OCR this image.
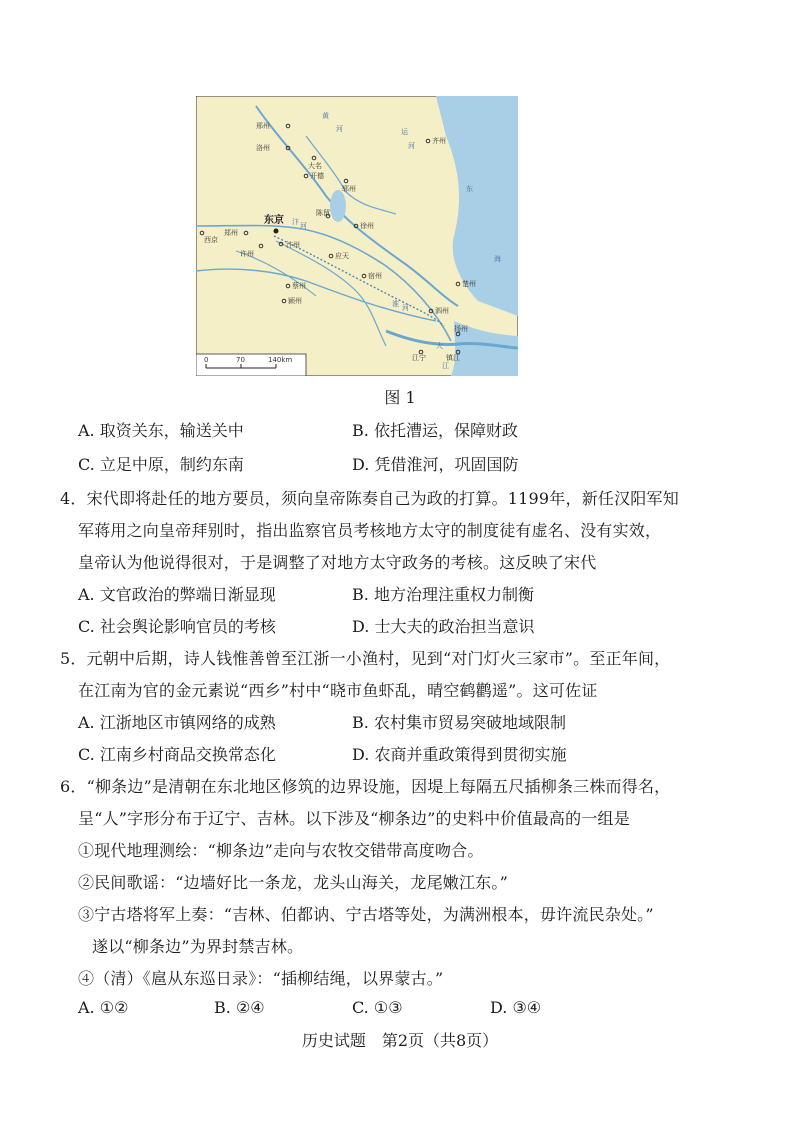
邢州
洛州
大名
开德
郓州
齐州
东京
陈留
汴州
应天
宿州
泗州
楚州
扬州
江宁	镇江
蔡州
颍州
许州
郑州
西京
徐州
黄
河	运
河
汴 河
淮 河
大
江
东
海
0	70	140km
图 1
A. 取资关东，输送关中	B. 依托漕运，保障财政
C. 立足中原，制约东南	D. 凭借淮河，巩固国防
4．宋代即将赴任的地方要员，须向皇帝陈奏自己为政的打算。1199年，新任汉阳军知
军蒋用之向皇帝拜别时，指出监察官员考核地方太守的制度徒有虚名、没有实效，
皇帝认为他说得很对，于是调整了对地方太守政务的考核。这反映了宋代
A. 文官政治的弊端日渐显现	B. 地方治理注重权力制衡
C. 社会舆论影响官员的考核	D. 士大夫的政治担当意识
5．元朝中后期，诗人钱惟善曾至江浙一小渔村，见到“对门灯火三家市”。至正年间，
在江南为官的金元素说“西乡”村中“晓市鱼虾乱，晴空鹤鹳遥”。这可佐证
A. 江浙地区市镇网络的成熟	B. 农村集市贸易突破地域限制
C. 江南乡村商品交换常态化	D. 农商并重政策得到贯彻实施
6．“柳条边”是清朝在东北地区修筑的边界设施，因堤上每隔五尺插柳条三株而得名，
呈“人”字形分布于辽宁、吉林。以下涉及“柳条边”的史料中价值最高的一组是
①现代地理测绘：“柳条边”走向与农牧交错带高度吻合。
②民间歌谣：“边墙好比一条龙，龙头山海关，龙尾嫩江东。”
③宁古塔将军上奏：“吉林、伯都讷、宁古塔等处，为满洲根本，毋许流民杂处。”
遂以“柳条边”为界封禁吉林。
④（清）《扈从东巡日录》：“插柳结绳，以界蒙古。”
A. ①②	B. ②④	C. ①③	D. ③④
历史试题　第2页（共8页）
